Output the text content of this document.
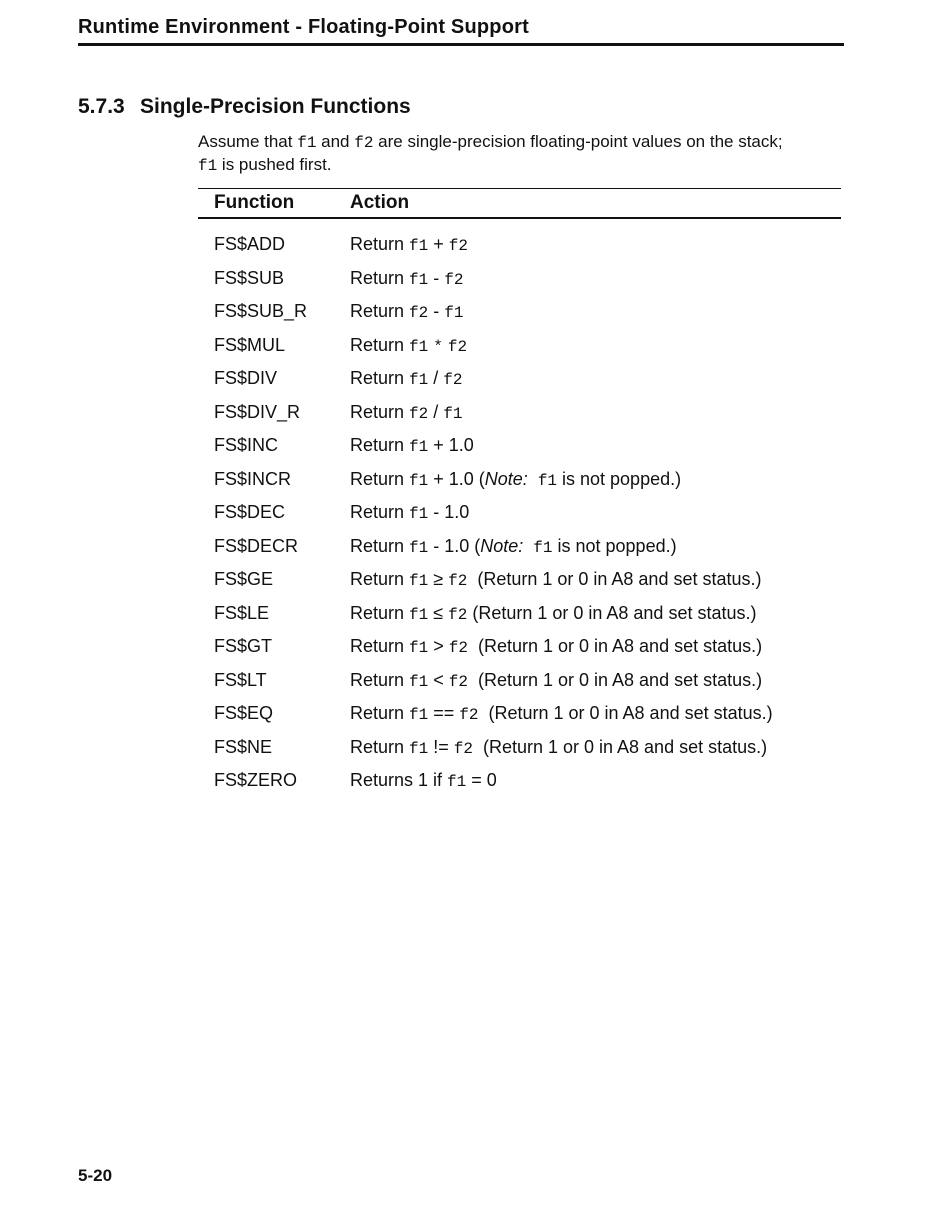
Runtime Environment - Floating-Point Support
5.7.3 Single-Precision Functions
Assume that f1 and f2 are single-precision floating-point values on the stack;
f1 is pushed first.
Function	Action
FS$ADD	Return f1 + f2
FS$SUB	Return f1 - f2
FS$SUB_R Return f2 - f1
FS$MUL	Return f1 * f2
FS$DIV	Return f1 / f2
FS$DIV_R	Return f2 / f1
FS$INC	Return f1 + 1.0
FS$INCR	Return f1 + 1.0 (Note: f1 is not popped.)
FS$DEC	Return f1 - 1.0
FS$DECR	Return f1 - 1.0 (Note: f1 is not popped.)
FS$GE	Return f1 ≥ f2  (Return 1 or 0 in A8 and set status.)
FS$LE	Return f1 ≤ f2 (Return 1 or 0 in A8 and set status.)
FS$GT	Return f1 > f2  (Return 1 or 0 in A8 and set status.)
FS$LT	Return f1 < f2  (Return 1 or 0 in A8 and set status.)
FS$EQ	Return f1 == f2  (Return 1 or 0 in A8 and set status.)
FS$NE	Return f1 != f2  (Return 1 or 0 in A8 and set status.)
FS$ZERO	Returns 1 if f1 = 0
5-20
